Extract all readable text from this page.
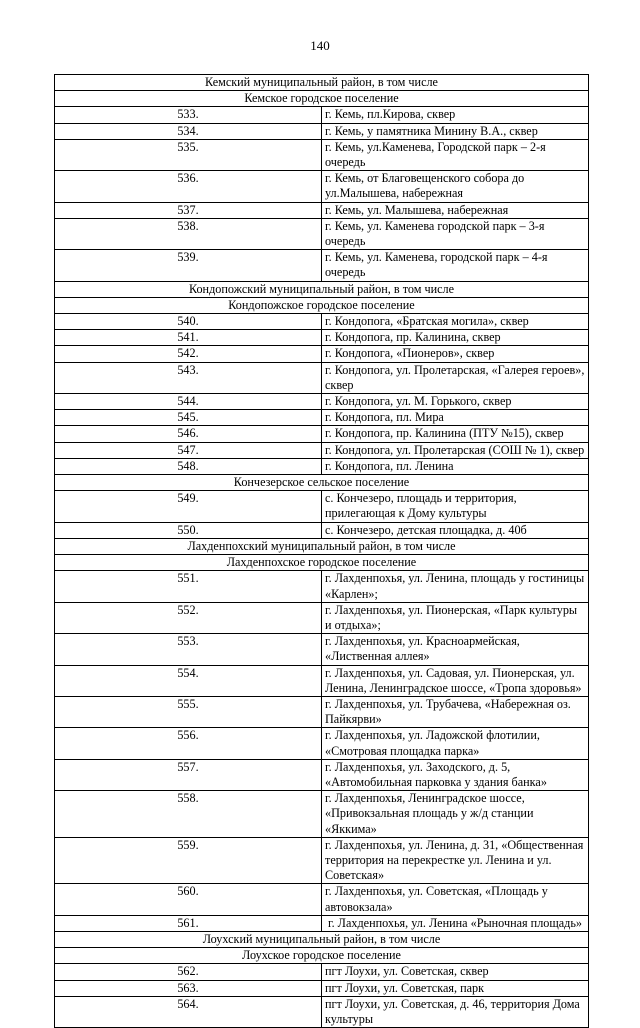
140
Кемский муниципальный район, в том числе	
Кемское городское поселение	
533.	г. Кемь, пл.Кирова, сквер
534.	г. Кемь, у памятника Минину В.А., сквер
535.	г. Кемь, ул.Каменева, Городской парк – 2-я очередь
536.	г. Кемь, от Благовещенского собора до ул.Малышева, набережная
537.	г. Кемь, ул. Малышева, набережная
538.	г. Кемь, ул. Каменева городской парк – 3-я очередь
539.	г. Кемь, ул. Каменева, городской парк – 4-я очередь
Кондопожский муниципальный район, в том числе	
Кондопожское городское поселение	
540.	г. Кондопога, «Братская могила», сквер
541.	г. Кондопога, пр. Калинина, сквер
542.	г. Кондопога, «Пионеров», сквер
543.	г. Кондопога, ул. Пролетарская, «Галерея героев», сквер
544.	г. Кондопога, ул. М. Горького, сквер
545.	г. Кондопога, пл. Мира
546.	г. Кондопога, пр. Калинина (ПТУ №15), сквер
547.	г. Кондопога, ул. Пролетарская (СОШ № 1), сквер
548.	г. Кондопога, пл. Ленина
Кончезерское сельское поселение	
549.	с. Кончезеро, площадь и территория, прилегающая к Дому культуры
550.	с. Кончезеро, детская площадка, д. 40б
Лахденпохский муниципальный район, в том числе	
Лахденпохское городское поселение	
551.	г. Лахденпохья, ул. Ленина, площадь у гостиницы «Карлен»;
552.	г. Лахденпохья, ул. Пионерская, «Парк культуры и отдыха»;
553.	г. Лахденпохья, ул. Красноармейская, «Лиственная аллея»
554.	г. Лахденпохья, ул. Садовая, ул. Пионерская, ул. Ленина, Ленинградское шоссе, «Тропа здоровья»
555.	г. Лахденпохья, ул. Трубачева, «Набережная оз. Пайкярви»
556.	г. Лахденпохья, ул. Ладожской флотилии, «Смотровая площадка парка»
557.	г. Лахденпохья, ул. Заходского, д. 5, «Автомобильная парковка у здания банка»
558.	г. Лахденпохья, Ленинградское шоссе, «Привокзальная площадь у ж/д станции «Яккима»
559.	г. Лахденпохья, ул. Ленина, д. 31, «Общественная территория на перекрестке ул. Ленина и ул. Советская»
560.	г. Лахденпохья, ул. Советская, «Площадь у автовокзала»
561.	г. Лахденпохья, ул. Ленина «Рыночная площадь»
Лоухский муниципальный район, в том числе	
Лоухское городское поселение	
562.	пгт Лоухи, ул. Советская, сквер
563.	пгт Лоухи, ул. Советская, парк
564.	пгт Лоухи, ул. Советская, д. 46, территория Дома культуры
